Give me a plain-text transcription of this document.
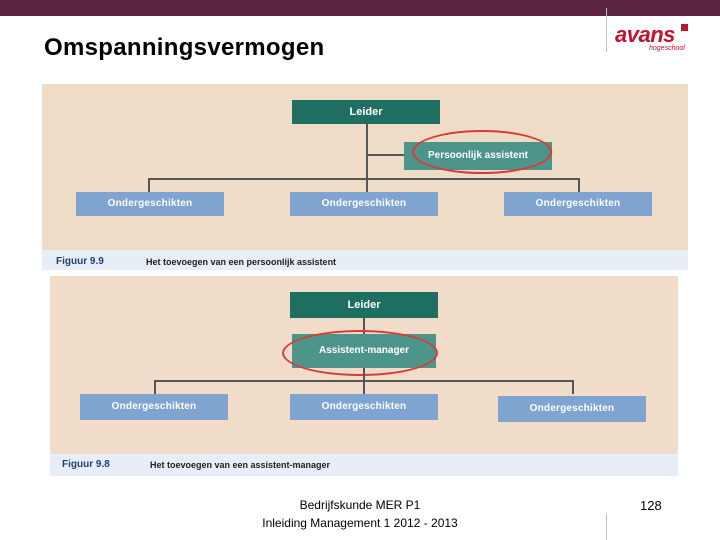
Omspanningsvermogen	avans
hogeschool
Leider
Persoonlijk assistent
Ondergeschikten	Ondergeschikten	Ondergeschikten
Figuur 9.9	Het toevoegen van een persoonlijk assistent
Leider
Assistent-manager
Ondergeschikten	Ondergeschikten	Ondergeschikten
Figuur 9.8	Het toevoegen van een assistent-manager
Bedrijfskunde MER P1
Inleiding Management 1 2012 - 2013
128
